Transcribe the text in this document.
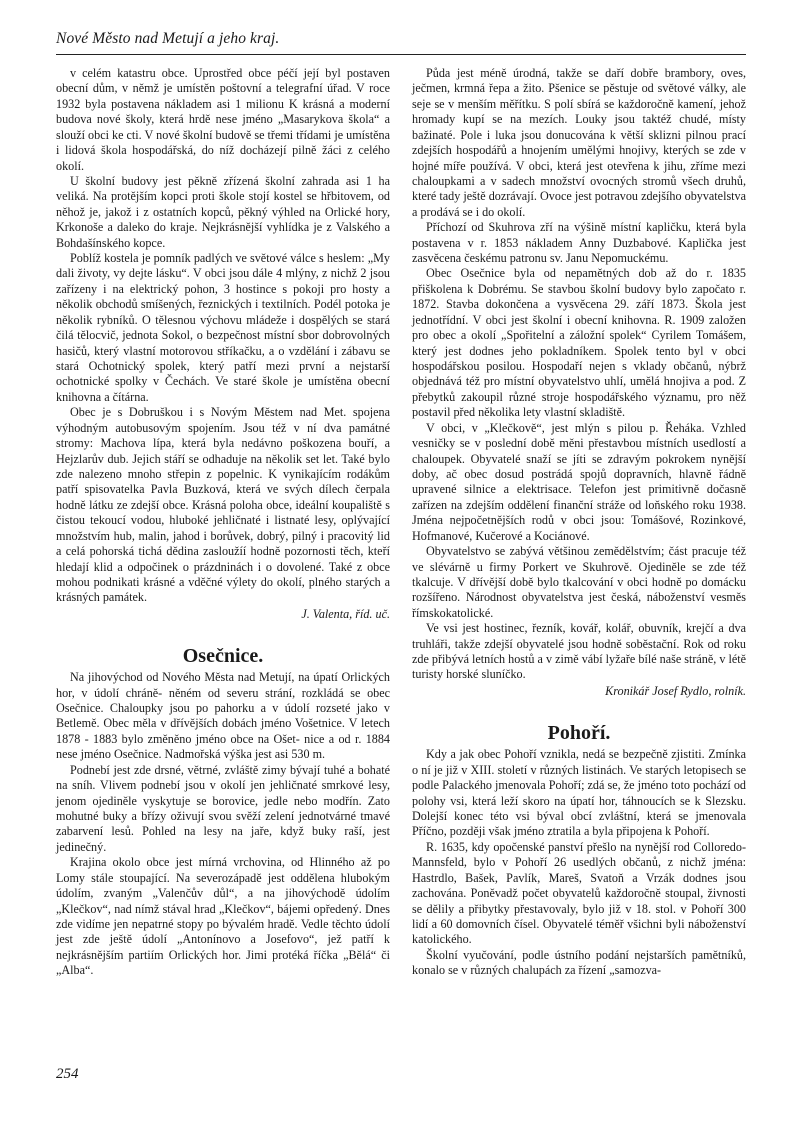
Nové Město nad Metují a jeho kraj.

v celém katastru obce. Uprostřed obce péčí její byl postaven obecní dům, v němž je umístěn poštovní a telegrafní úřad. V roce 1932 byla postavena nákladem asi 1 milionu K krásná a moderní budova nové školy, která hrdě nese jméno „Masarykova škola“ a slouží obci ke cti. V nové školní budově se třemi třídami je umístěna i lidová škola hospodářská, do níž docházejí pilně žáci z celého okolí.

U školní budovy jest pěkně zřízená školní zahrada asi 1 ha veliká. Na protějším kopci proti škole stojí kostel se hřbitovem, od něhož je, jakož i z ostatních kopců, pěkný výhled na Orlické hory, Krkonoše a daleko do kraje. Nejkrásnější vyhlídka je z Valského a Bohdašínského kopce.

Poblíž kostela je pomník padlých ve světové válce s heslem: „My dali životy, vy dejte lásku“. V obci jsou dále 4 mlýny, z nichž 2 jsou zařízeny i na elektrický pohon, 3 hostince s pokoji pro hosty a několik obchodů smíšených, řeznických i textilních. Podél potoka je několik rybníků. O tělesnou výchovu mládeže i dospělých se stará čilá tělocvič, jednota Sokol, o bezpečnost místní sbor dobrovolných hasičů, který vlastní motorovou stříkačku, a o vzdělání i zábavu se stará Ochotnický spolek, který patří mezi první a nejstarší ochotnické spolky v Čechách. Ve staré škole je umístěna obecní knihovna a čítárna.

Obec je s Dobruškou i s Novým Městem nad Met. spojena výhodným autobusovým spojením. Jsou též v ní dva památné stromy: Machova lípa, která byla nedávno poškozena bouří, a Hejzlarův dub. Jejich stáří se odhaduje na několik set let. Také bylo zde nalezeno mnoho střepin z popelnic. K vynikajícím rodákům patří spisovatelka Pavla Buzková, která ve svých dílech čerpala hodně látku ze zdejší obce. Krásná poloha obce, ideální koupaliště s čistou tekoucí vodou, hluboké jehličnaté i listnaté lesy, oplývající množstvím hub, malin, jahod i borůvek, dobrý, pilný i pracovitý lid a celá pohorská tichá dědina zasloužíí hodně pozornosti těch, kteří hledají klid a odpočinek o prázdninách i o dovolené. Také z obce mohou podnikati krásné a vděčné výlety do okolí, plného starých a krásných památek.

J. Valenta, říd. uč.

Osečnice.

Na jihovýchod od Nového Města nad Metují, na úpatí Orlických hor, v údolí chráně- něném od severu strání, rozkládá se obec Osečnice. Chaloupky jsou po pahorku a v údolí rozseté jako v Betlemě. Obec měla v dřívějších dobách jméno Vošetnice. V letech 1878 - 1883 bylo změněno jméno obce na Ošet- nice a od r. 1884 nese jméno Osečnice. Nadmořská výška jest asi 530 m.

Podnebí jest zde drsné, větrné, zvláště zimy bývají tuhé a bohaté na sníh. Vlivem podnebí jsou v okolí jen jehličnaté smrkové lesy, jenom ojediněle vyskytuje se borovice, jedle nebo modřín. Zato mohutné buky a břízy oživují svou svěží zelení jednotvárné tmavé zabarvení lesů. Pohled na lesy na jaře, když buky raší, jest jedinečný.

Krajina okolo obce jest mírná vrchovina, od Hlinného až po Lomy stále stoupající. Na severozápadě jest oddělena hlubokým údolím, zvaným „Valenčův důl“, a na jihovýchodě údolím „Klečkov“, nad nímž stával hrad „Klečkov“, bájemi opředený. Dnes zde vidíme jen nepatrné stopy po bývalém hradě. Vedle těchto údolí jest zde ještě údolí „Antonínovo a Josefovo“, jež patří k nejkrásnějším partiím Orlických hor. Jimi protéká říčka „Bělá“ či „Alba“.

Půda jest méně úrodná, takže se daří dobře brambory, oves, ječmen, krmná řepa a žito. Pšenice se pěstuje od světové války, ale seje se v menším měřítku. S polí sbírá se každoročně kamení, jehož hromady kupí se na mezích. Louky jsou taktéž chudé, místy bažinaté. Pole i luka jsou donucována k větší sklizni pilnou prací zdejších hospodářů a hnojením umělými hnojivy, kterých se zde v hojné míře používá. V obci, která jest otevřena k jihu, zříme mezi chaloupkami a v sadech množství ovocných stromů všech druhů, které tady ještě dozrávají. Ovoce jest potravou zdejšího obyvatelstva a prodává se i do okolí.

Příchozí od Skuhrova zří na výšině místní kapličku, která byla postavena v r. 1853 nákladem Anny Duzbabové. Kaplička jest zasvěcena českému patronu sv. Janu Nepomuckému.

Obec Osečnice byla od nepamětných dob až do r. 1835 přiškolena k Dobrému. Se stavbou školní budovy bylo započato r. 1872. Stavba dokončena a vysvěcena 29. září 1873. Škola jest jednotřídní. V obci jest školní i obecní knihovna. R. 1909 založen pro obec a okolí „Spořitelní a záložní spolek“ Cyrilem Tomášem, který jest dodnes jeho pokladníkem. Spolek tento byl v obci hospodářskou posilou. Hospodaří nejen s vklady občanů, nýbrž objednává též pro místní obyvatelstvo uhlí, umělá hnojiva a pod. Z přebytků zakoupil různé stroje hospodářského významu, pro něž postavil před několika lety vlastní skladiště.

V obci, v „Klečkově“, jest mlýn s pilou p. Řeháka. Vzhled vesničky se v poslední době měni přestavbou místních usedlostí a chaloupek. Obyvatelé snaží se jíti se zdravým pokrokem nynější doby, ač obec dosud postrádá spojů dopravních, hlavně řádně upravené silnice a elektrisace. Telefon jest primitivně dočasně zařízen na zdejším oddělení finanční stráže od loňského roku 1938. Jména nejpočetnějších rodů v obci jsou: Tomášové, Rozinkové, Hofmanové, Kučerové a Kociánové.

Obyvatelstvo se zabývá většinou zemědělstvím; část pracuje též ve slévárně u firmy Porkert ve Skuhrově. Ojediněle se zde též tkalcuje. V dřívější době bylo tkalcování v obci hodně po domácku rozšířeno. Národnost obyvatelstva jest česká, náboženství vesměs římskokatolické.

Ve vsi jest hostinec, řezník, kovář, kolář, obuvník, krejčí a dva truhláři, takže zdejší obyvatelé jsou hodně soběstační. Rok od roku zde přibývá letních hostů a v zimě vábí lyžaře bílé naše stráně, v létě turisty horské sluníčko.

Kronikář Josef Rydlo, rolník.

Pohoří.

Kdy a jak obec Pohoří vznikla, nedá se bezpečně zjistiti. Zmínka o ní je již v XIII. století v různých listinách. Ve starých letopisech se podle Palackého jmenovala Pohoří; zdá se, že jméno toto pochází od polohy vsi, která leží skoro na úpatí hor, táhnoucích se k Slezsku. Dolejší konec této vsi býval obcí zvláštní, která se jmenovala Příčno, později však jméno ztratila a byla připojena k Pohoří.

R. 1635, kdy opočenské panství přešlo na nynější rod Colloredo-Mannsfeld, bylo v Pohoří 26 usedlých občanů, z nichž jména: Hastrdlo, Bašek, Pavlík, Mareš, Svatoň a Vrzák dodnes jsou zachována. Poněvadž počet obyvatelů každoročně stoupal, živnosti se dělily a přibytky přestavovaly, bylo již v 18. stol. v Pohoří 300 lidí a 60 domovních čísel. Obyvatelé téměř všichni byli náboženství katolického.

Školní vyučování, podle ústního podání nejstarších pamětníků, konalo se v různých chalupách za řízení „samozva-

254
